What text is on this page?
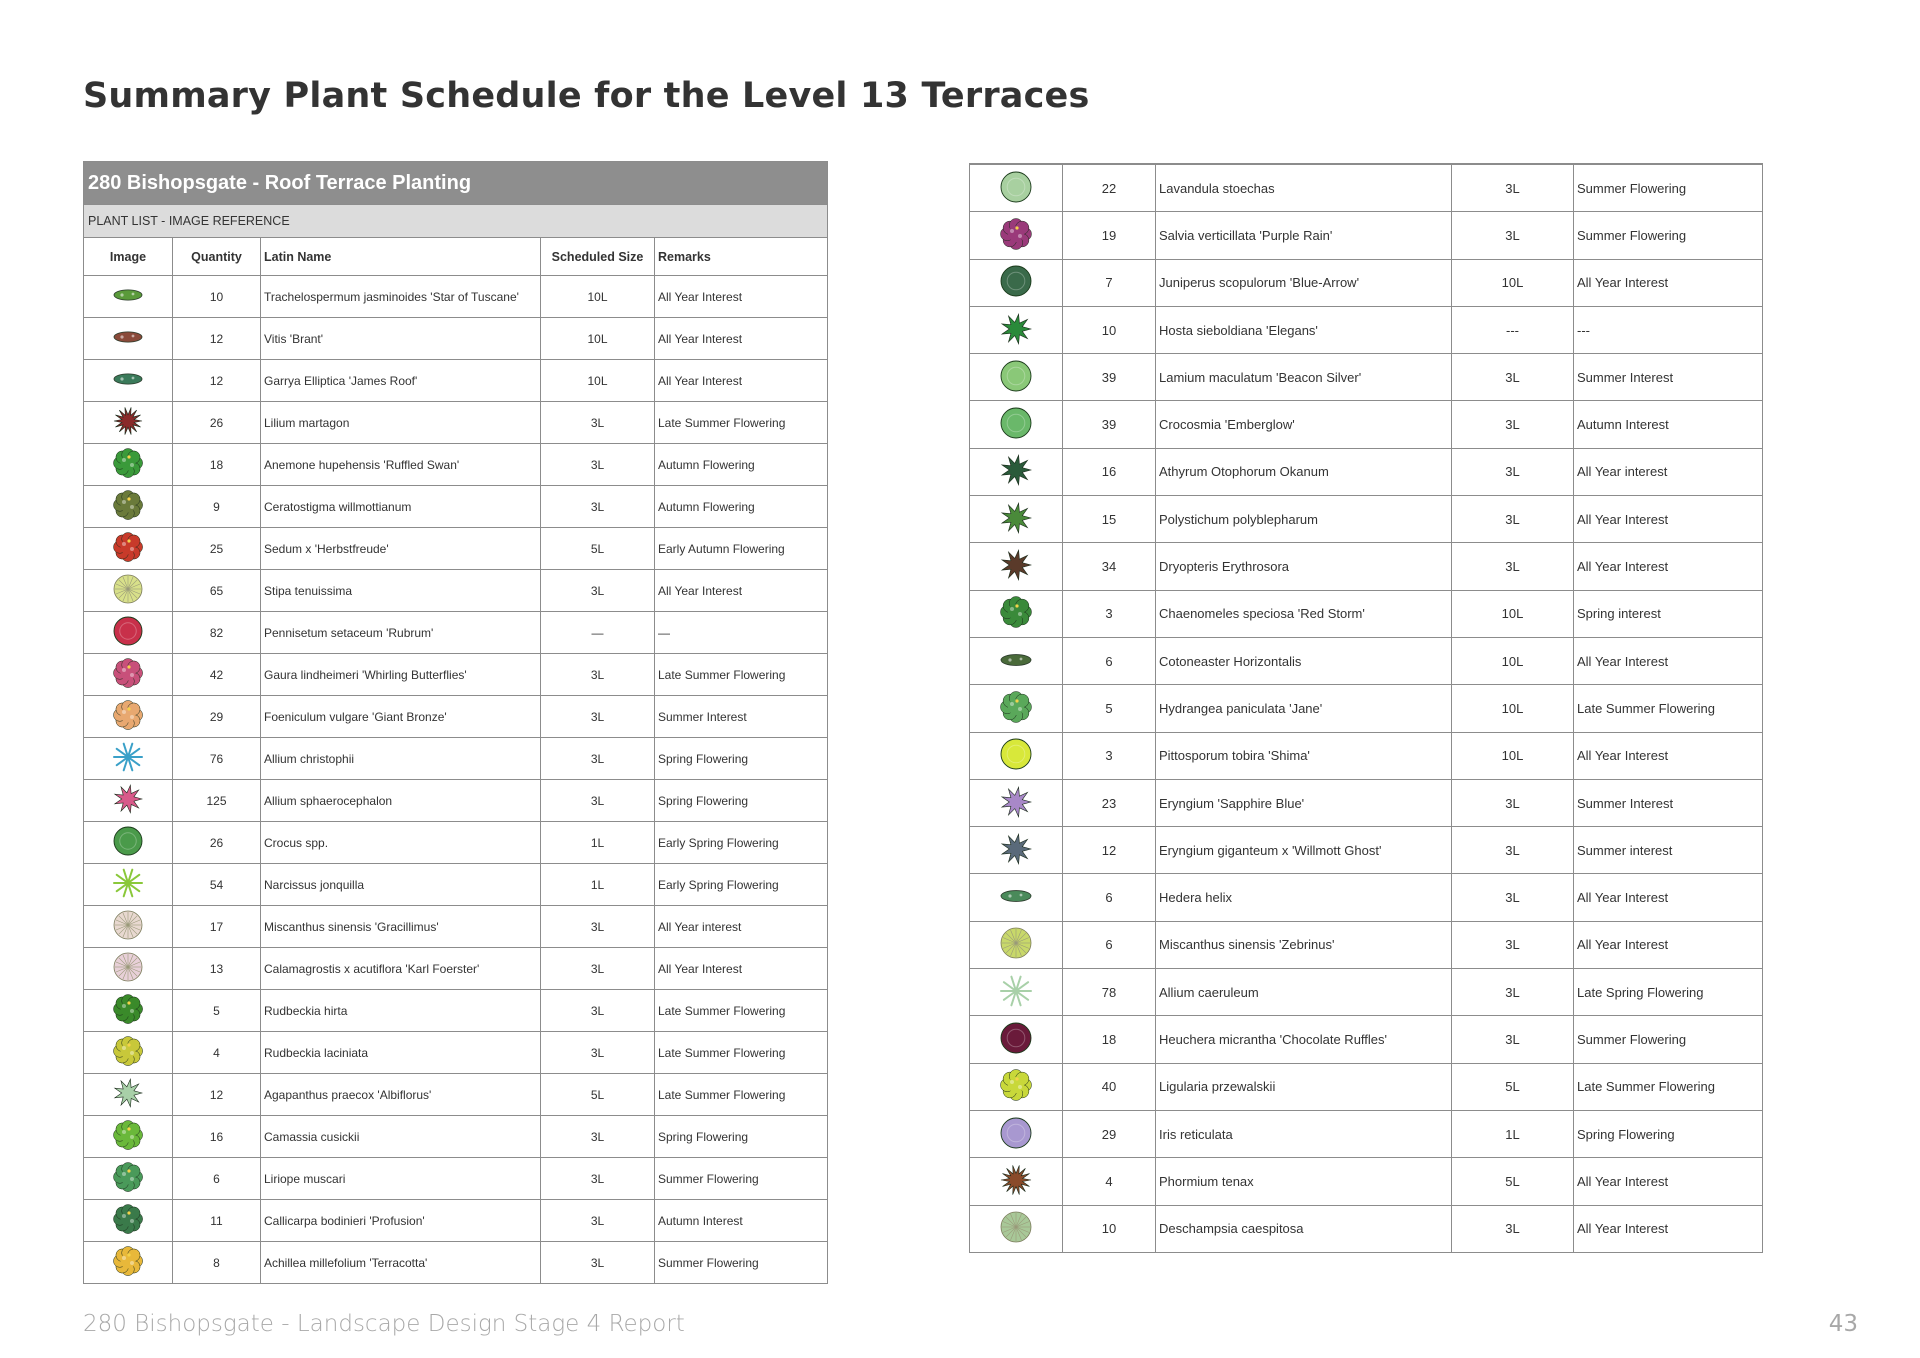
Summary Plant Schedule for the Level 13 Terraces
280 Bishopsgate - Roof Terrace Planting				
PLANT LIST - IMAGE REFERENCE				
Image	Quantity	Latin Name	Scheduled Size	Remarks
	10	Trachelospermum jasminoides 'Star of Tuscane'	10L	All Year Interest
	12	Vitis 'Brant'	10L	All Year Interest
	12	Garrya Elliptica 'James Roof'	10L	All Year Interest
	26	Lilium martagon	3L	Late Summer Flowering
	18	Anemone hupehensis 'Ruffled Swan'	3L	Autumn Flowering
	9	Ceratostigma willmottianum	3L	Autumn Flowering
	25	Sedum x 'Herbstfreude'	5L	Early Autumn Flowering
	65	Stipa tenuissima	3L	All Year Interest
	82	Pennisetum setaceum 'Rubrum'	—	—
	42	Gaura lindheimeri 'Whirling Butterflies'	3L	Late Summer Flowering
	29	Foeniculum vulgare 'Giant Bronze'	3L	Summer Interest
	76	Allium christophii	3L	Spring Flowering
	125	Allium sphaerocephalon	3L	Spring Flowering
	26	Crocus spp.	1L	Early Spring Flowering
	54	Narcissus jonquilla	1L	Early Spring Flowering
	17	Miscanthus sinensis 'Gracillimus'	3L	All Year interest
	13	Calamagrostis x acutiflora 'Karl Foerster'	3L	All Year Interest
	5	Rudbeckia hirta	3L	Late Summer Flowering
	4	Rudbeckia laciniata	3L	Late Summer Flowering
	12	Agapanthus praecox 'Albiflorus'	5L	Late Summer Flowering
	16	Camassia cusickii	3L	Spring Flowering
	6	Liriope muscari	3L	Summer Flowering
	11	Callicarpa bodinieri 'Profusion'	3L	Autumn Interest
	8	Achillea millefolium 'Terracotta'	3L	Summer Flowering

	22	Lavandula stoechas	3L	Summer Flowering
	19	Salvia verticillata 'Purple Rain'	3L	Summer Flowering
	7	Juniperus scopulorum 'Blue-Arrow'	10L	All Year Interest
	10	Hosta sieboldiana 'Elegans'	---	---
	39	Lamium maculatum 'Beacon Silver'	3L	Summer Interest
	39	Crocosmia 'Emberglow'	3L	Autumn Interest
	16	Athyrum Otophorum Okanum	3L	All Year interest
	15	Polystichum polyblepharum	3L	All Year Interest
	34	Dryopteris Erythrosora	3L	All Year Interest
	3	Chaenomeles speciosa 'Red Storm'	10L	Spring interest
	6	Cotoneaster Horizontalis	10L	All Year Interest
	5	Hydrangea paniculata 'Jane'	10L	Late Summer Flowering
	3	Pittosporum tobira 'Shima'	10L	All Year Interest
	23	Eryngium 'Sapphire Blue'	3L	Summer Interest
	12	Eryngium giganteum x 'Willmott Ghost'	3L	Summer interest
	6	Hedera helix	3L	All Year Interest
	6	Miscanthus sinensis 'Zebrinus'	3L	All Year Interest
	78	Allium caeruleum	3L	Late Spring Flowering
	18	Heuchera micrantha 'Chocolate Ruffles'	3L	Summer Flowering
	40	Ligularia przewalskii	5L	Late Summer Flowering
	29	Iris reticulata	1L	Spring Flowering
	4	Phormium tenax	5L	All Year Interest
	10	Deschampsia caespitosa	3L	All Year Interest
280 Bishopsgate - Landscape Design Stage 4 Report	43
